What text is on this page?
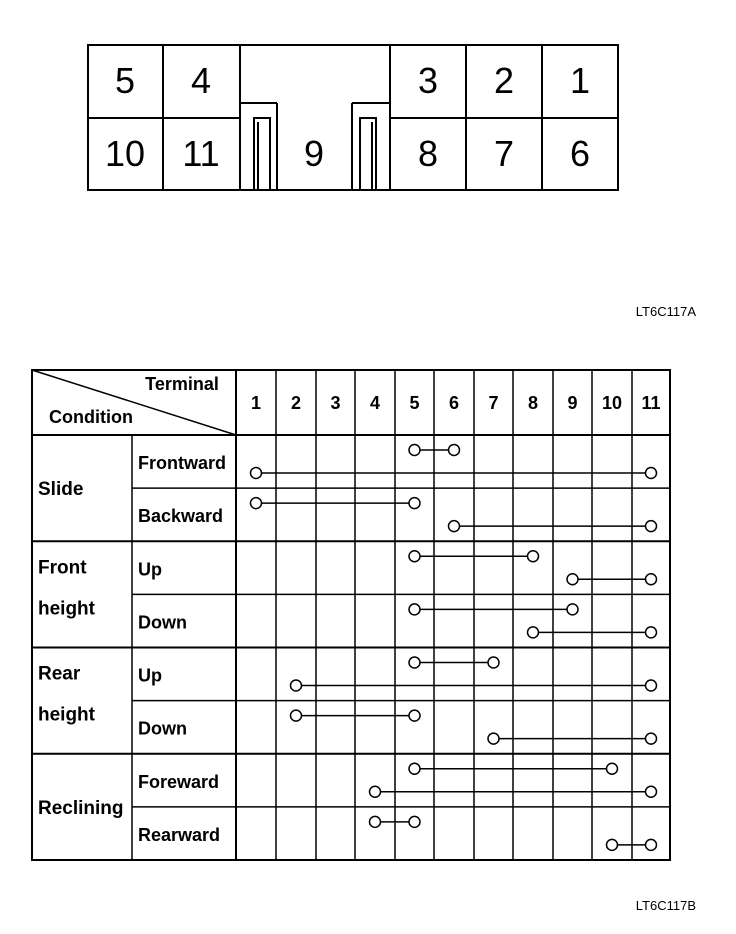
5 4	3 2 1
10 11 9	8 7 6
LT6C117A
Terminal
Condition
1 2 3 4 5 6 7 8 9 10 11
Slide
Front
height
Rear
height
Reclining
Frontward
Backward
Up
Down
Up
Down
Foreward
Rearward
LT6C117B
